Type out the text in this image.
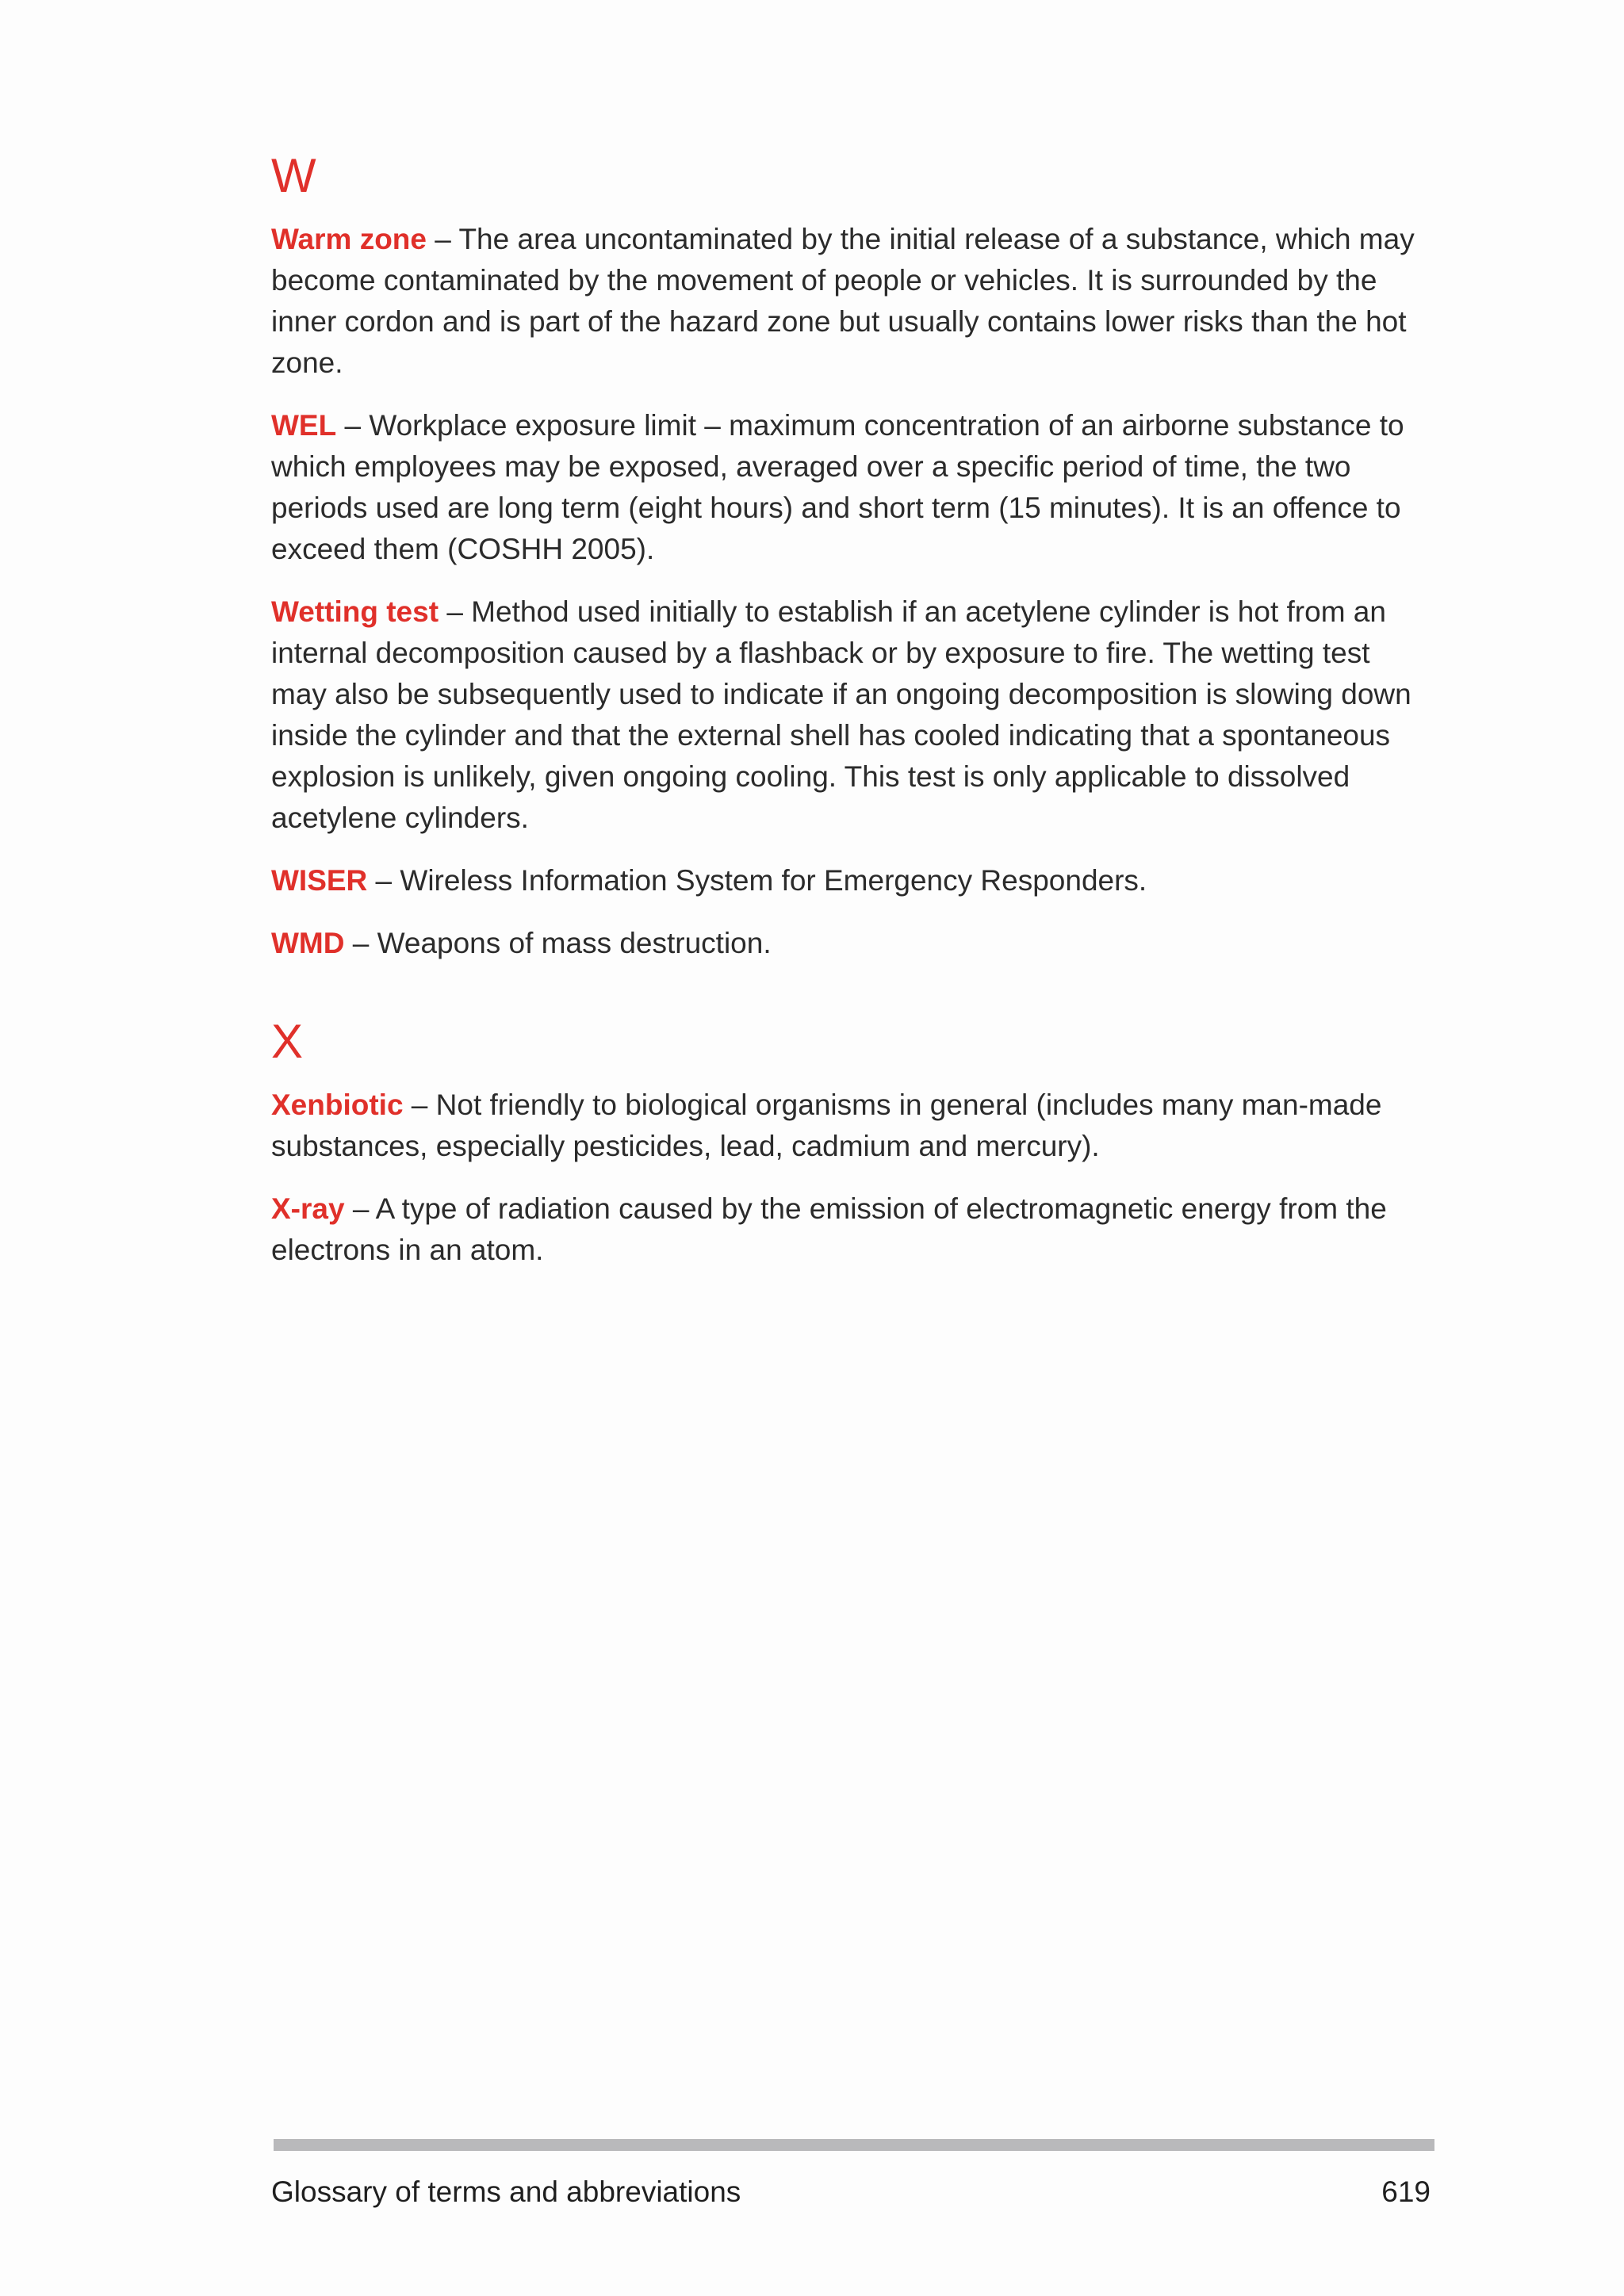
W

Warm zone – The area uncontaminated by the initial release of a substance, which may become contaminated by the movement of people or vehicles. It is surrounded by the inner cordon and is part of the hazard zone but usually contains lower risks than the hot zone.

WEL – Workplace exposure limit – maximum concentration of an airborne substance to which employees may be exposed, averaged over a specific period of time, the two periods used are long term (eight hours) and short term (15 minutes). It is an offence to exceed them (COSHH 2005).

Wetting test – Method used initially to establish if an acetylene cylinder is hot from an internal decomposition caused by a flashback or by exposure to fire. The wetting test may also be subsequently used to indicate if an ongoing decomposition is slowing down inside the cylinder and that the external shell has cooled indicating that a spontaneous explosion is unlikely, given ongoing cooling. This test is only applicable to dissolved acetylene cylinders.

WISER – Wireless Information System for Emergency Responders.

WMD – Weapons of mass destruction.

X

Xenbiotic – Not friendly to biological organisms in general (includes many man-made substances, especially pesticides, lead, cadmium and mercury).

X-ray – A type of radiation caused by the emission of electromagnetic energy from the electrons in an atom.

Glossary of terms and abbreviations	619
